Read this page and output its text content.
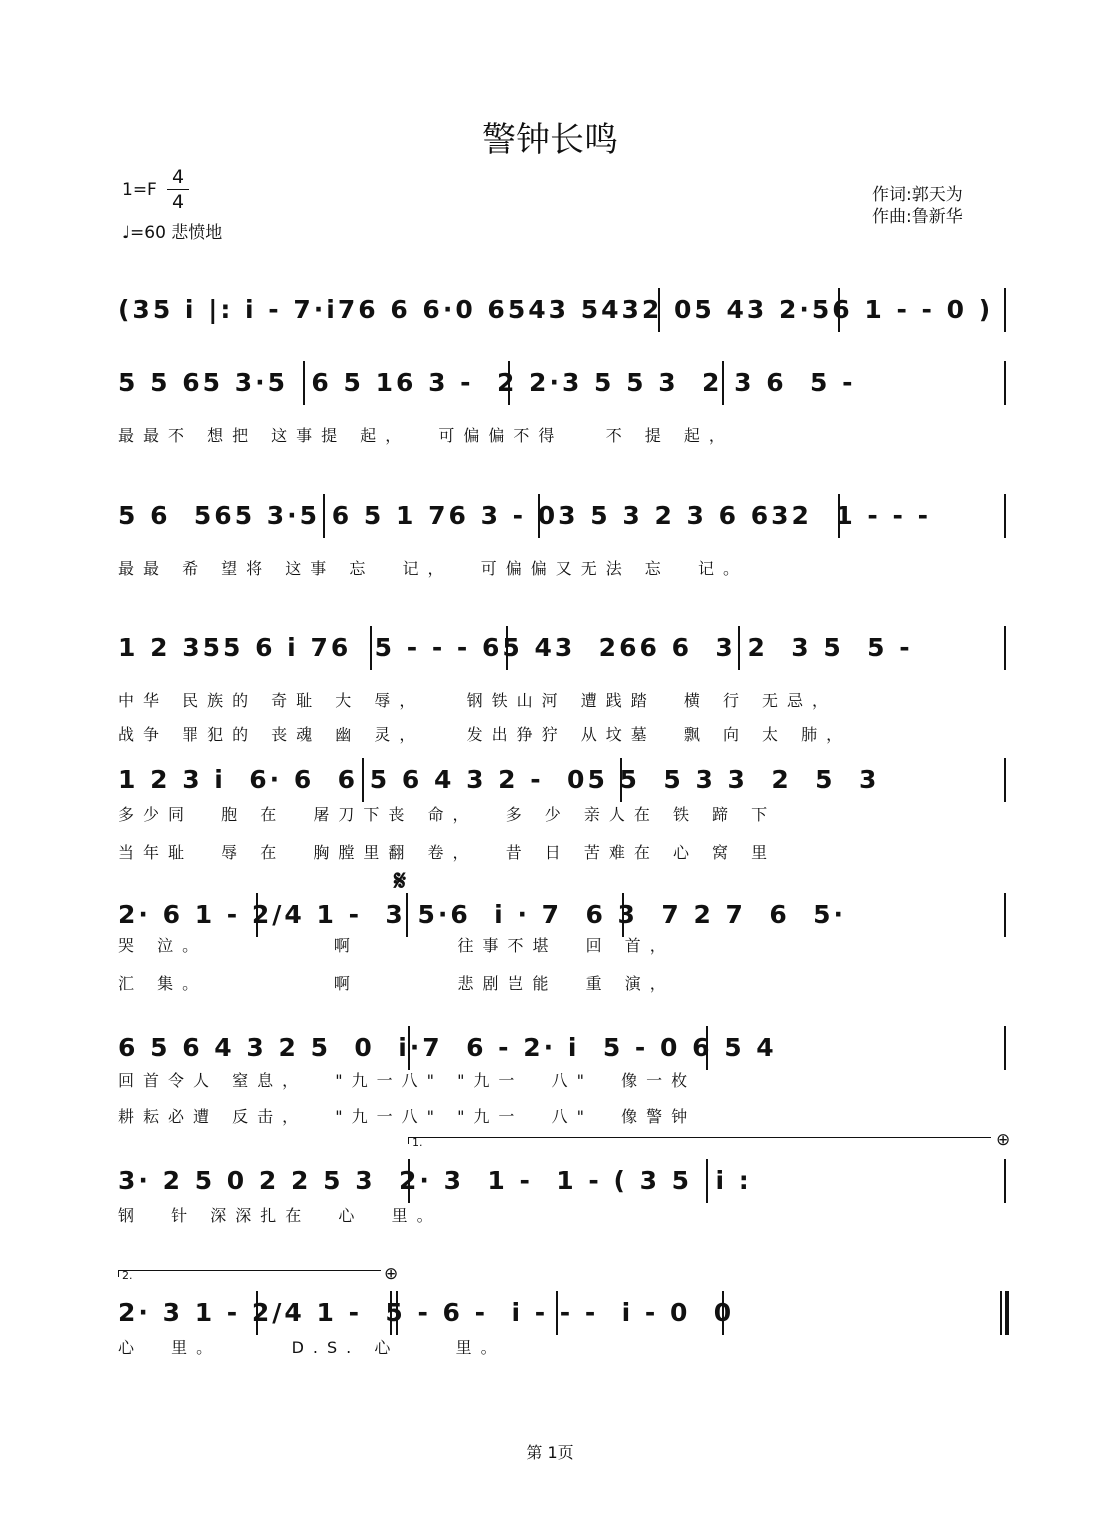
警钟长鸣
1=F
4
4
♩=60 悲愤地
作词:郭天为
作曲:鲁新华
(35 i |: i - 7·i76 6 6·0 6543 5432 05 43 2·56 1 - - 0 )
5 5 65 3·5  6 5 16 3 -  2 2·3 5 5 3  2 3 6  5 -
最最不 想把 这事提 起，  可偏偏不得   不 提 起，
5 6  565 3·5 6 5 1 76 3 - 03 5 3 2 3 6 632  1 - - -
最最 希 望将 这事 忘  记，  可偏偏又无法 忘  记。
1 2 355 6 i 76  5 - - - 65 43  266 6  3 2  3 5  5 -
中华 民族的 奇耻 大 辱，   钢铁山河 遭践踏  横 行 无忌，
战争 罪犯的 丧魂 幽 灵，   发出狰狞 从坟墓  飘 向 太 肺，
1 2 3 i  6· 6  6 5 6 4 3 2 -  05 5  5 3 3  2  5  3
多少同  胞 在  屠刀下丧 命，  多 少 亲人在 铁 蹄 下
当年耻  辱 在  胸膛里翻 卷，  昔 日 苦难在 心 窝 里
𝄋
2· 6 1 - 2/4 1 -  3 5·6  i · 7  6 3  7 2 7  6  5·
哭 泣。         啊       往事不堪  回 首，
汇 集。         啊       悲剧岂能  重 演，
6 5 6 4 3 2 5  0  i·7  6 - 2· i  5 - 0 6 5 4
回首令人 窒息，  "九一八" "九一  八"  像一枚
耕耘必遭 反击，  "九一八" "九一  八"  像警钟
1.	⊕
3· 2 5 0 2 2 5 3  2· 3  1 -  1 - ( 3 5  i :
钢  针 深深扎在  心  里。
2.	⊕
2· 3 1 - 2/4 1 -  5 - 6 -  i - - -  i - 0  0
心  里。     D.S. 心    里。
第 1页
